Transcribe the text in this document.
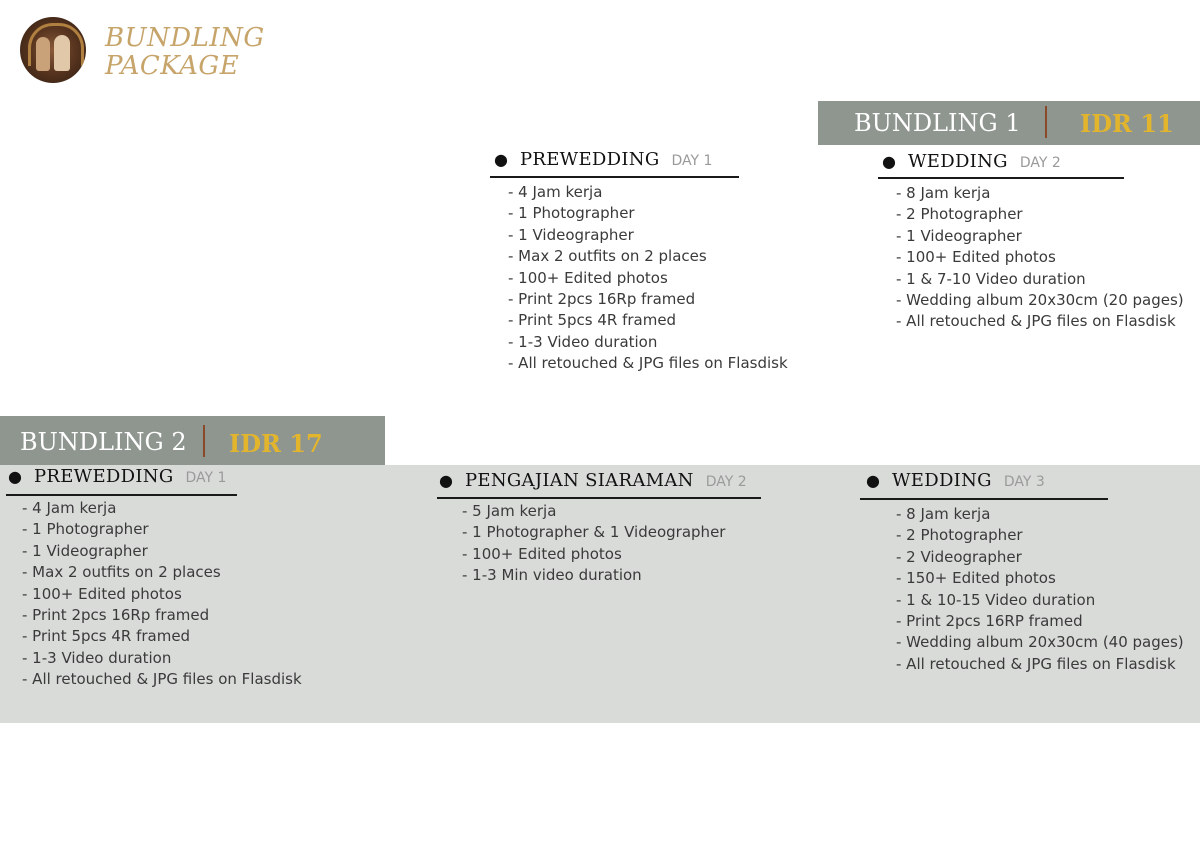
BUNDLING
PACKAGE
BUNDLING 1 IDR 11
● PREWEDDING DAY 1
- 4 Jam kerja
- 1 Photographer
- 1 Videographer
- Max 2 outfits on 2 places
- 100+ Edited photos
- Print 2pcs 16Rp framed
- Print 5pcs 4R framed
- 1-3 Video duration
- All retouched & JPG files on Flasdisk
● WEDDING DAY 2
- 8 Jam kerja
- 2 Photographer
- 1 Videographer
- 100+ Edited photos
- 1 & 7-10 Video duration
- Wedding album 20x30cm (20 pages)
- All retouched & JPG files on Flasdisk
BUNDLING 2 IDR 17
● PREWEDDING DAY 1
- 4 Jam kerja
- 1 Photographer
- 1 Videographer
- Max 2 outfits on 2 places
- 100+ Edited photos
- Print 2pcs 16Rp framed
- Print 5pcs 4R framed
- 1-3 Video duration
- All retouched & JPG files on Flasdisk
● PENGAJIAN SIARAMAN DAY 2
- 5 Jam kerja
- 1 Photographer & 1 Videographer
- 100+ Edited photos
- 1-3 Min video duration
● WEDDING DAY 3
- 8 Jam kerja
- 2 Photographer
- 2 Videographer
- 150+ Edited photos
- 1 & 10-15 Video duration
- Print 2pcs 16RP framed
- Wedding album 20x30cm (40 pages)
- All retouched & JPG files on Flasdisk
